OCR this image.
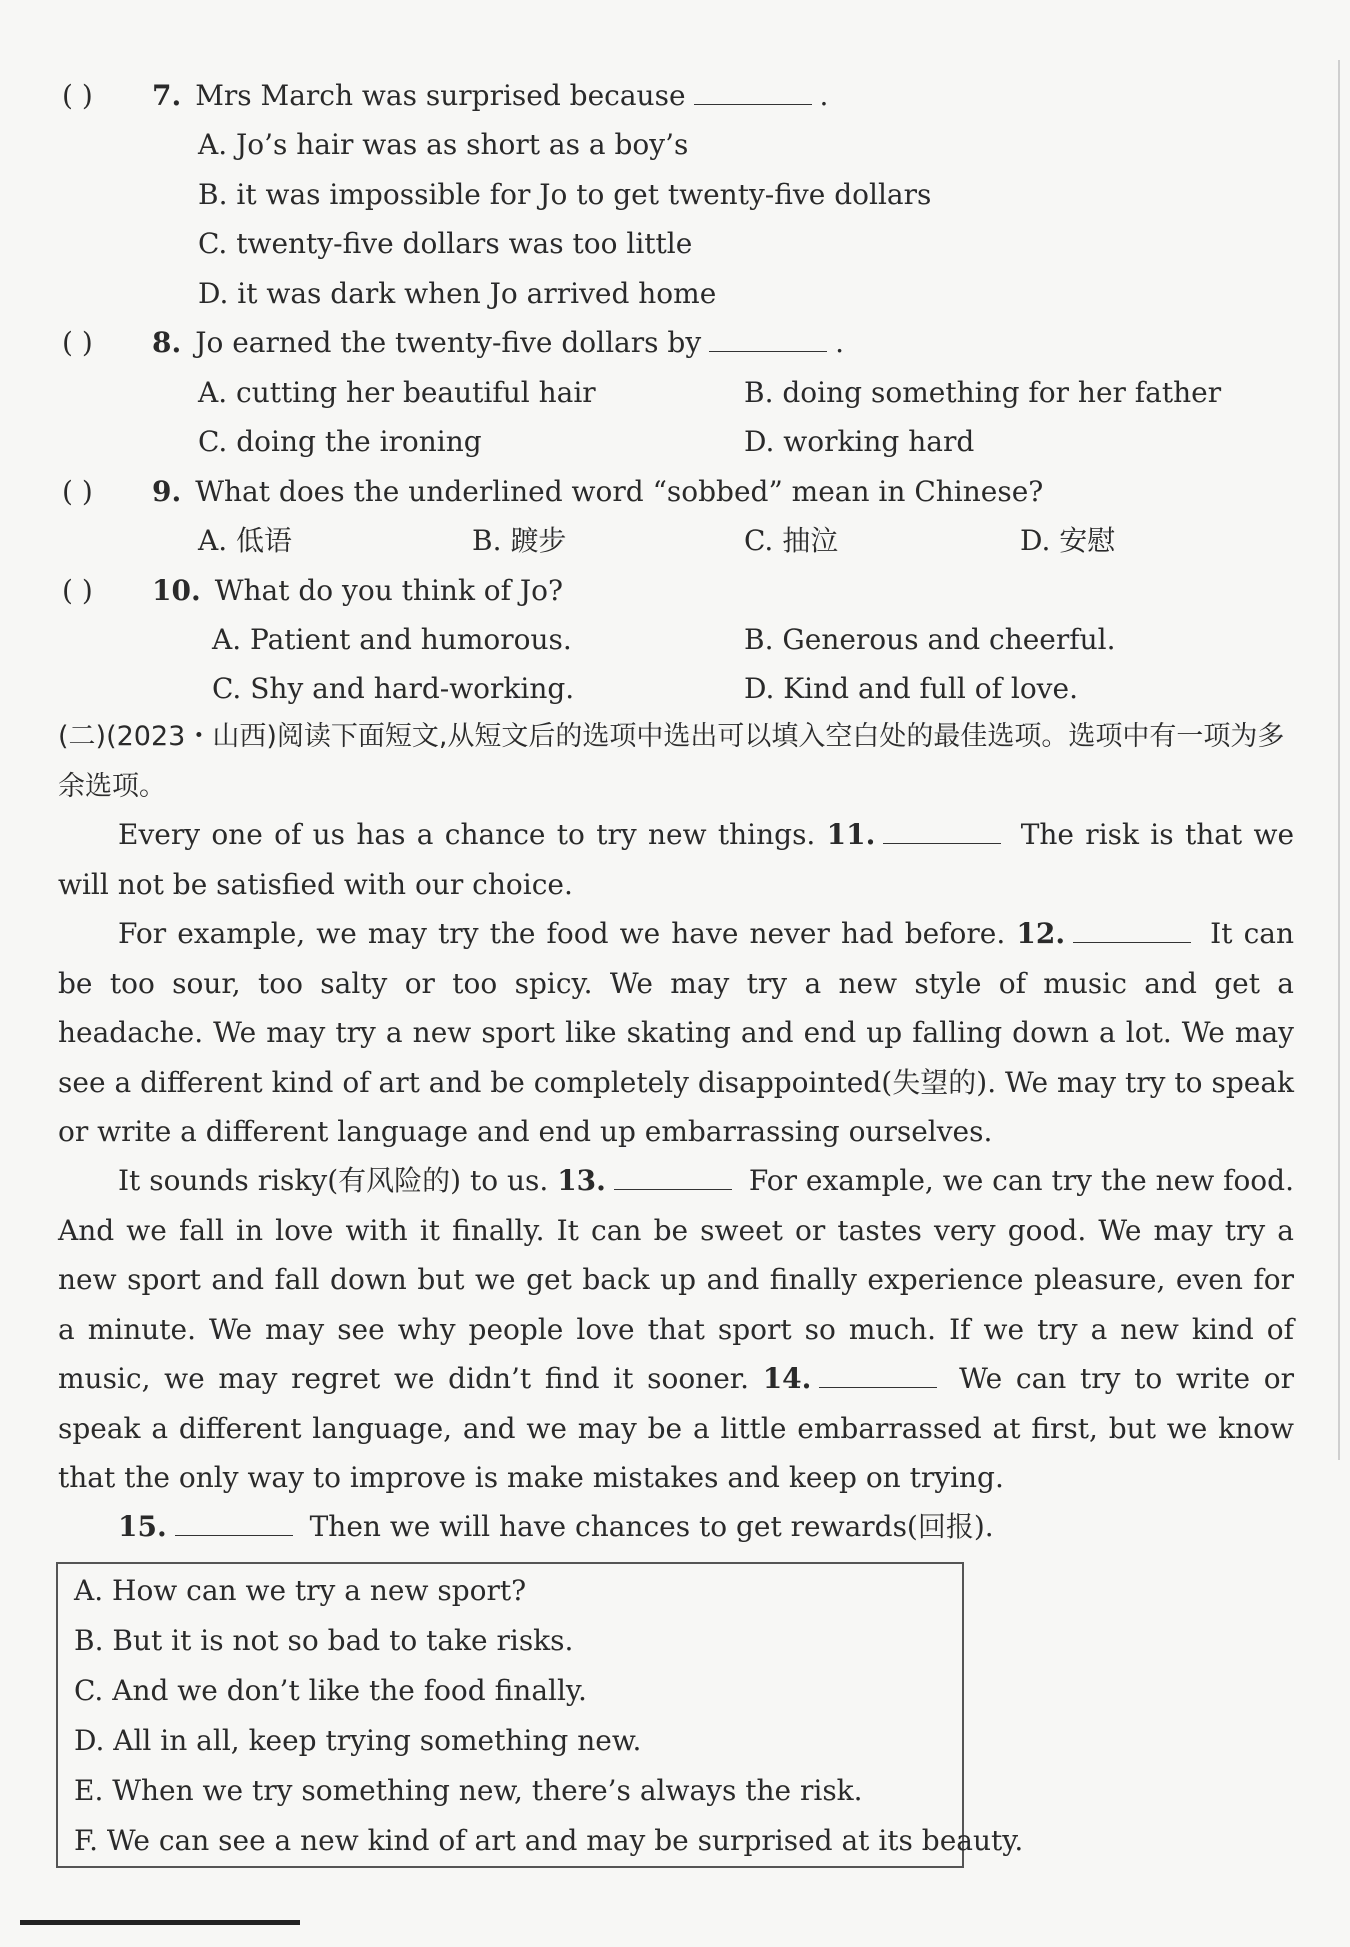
( ) 7. Mrs March was surprised because	.
A. Jo’s hair was as short as a boy’s
B. it was impossible for Jo to get twenty-five dollars
C. twenty-five dollars was too little
D. it was dark when Jo arrived home
( ) 8. Jo earned the twenty-five dollars by	.
A. cutting her beautiful hair	B. doing something for her father
C. doing the ironing	D. working hard
( ) 9. What does the underlined word “sobbed” mean in Chinese?
A. 低语	B. 踱步	C. 抽泣	D. 安慰
( ) 10. What do you think of Jo?
A. Patient and humorous.	B. Generous and cheerful.
C. Shy and hard-working.	D. Kind and full of love.
(二)(2023・山西)阅读下面短文,从短文后的选项中选出可以填入空白处的最佳选项。选项中有一项为多余选项。
Every one of us has a chance to try new things. 11.	The risk is that we will not be satisfied with our choice.
For example, we may try the food we have never had before. 12.	It can be too sour, too salty or too spicy. We may try a new style of music and get a headache. We may try a new sport like skating and end up falling down a lot. We may see a different kind of art and be completely disappointed(失望的). We may try to speak or write a different language and end up embarrassing ourselves.
It sounds risky(有风险的) to us. 13.	For example, we can try the new food. And we fall in love with it finally. It can be sweet or tastes very good. We may try a new sport and fall down but we get back up and finally experience pleasure, even for a minute. We may see why people love that sport so much. If we try a new kind of music, we may regret we didn’t find it sooner. 14.	We can try to write or speak a different language, and we may be a little embarrassed at first, but we know that the only way to improve is make mistakes and keep on trying.
15.	Then we will have chances to get rewards(回报).
A. How can we try a new sport?
B. But it is not so bad to take risks.
C. And we don’t like the food finally.
D. All in all, keep trying something new.
E. When we try something new, there’s always the risk.
F. We can see a new kind of art and may be surprised at its beauty.
